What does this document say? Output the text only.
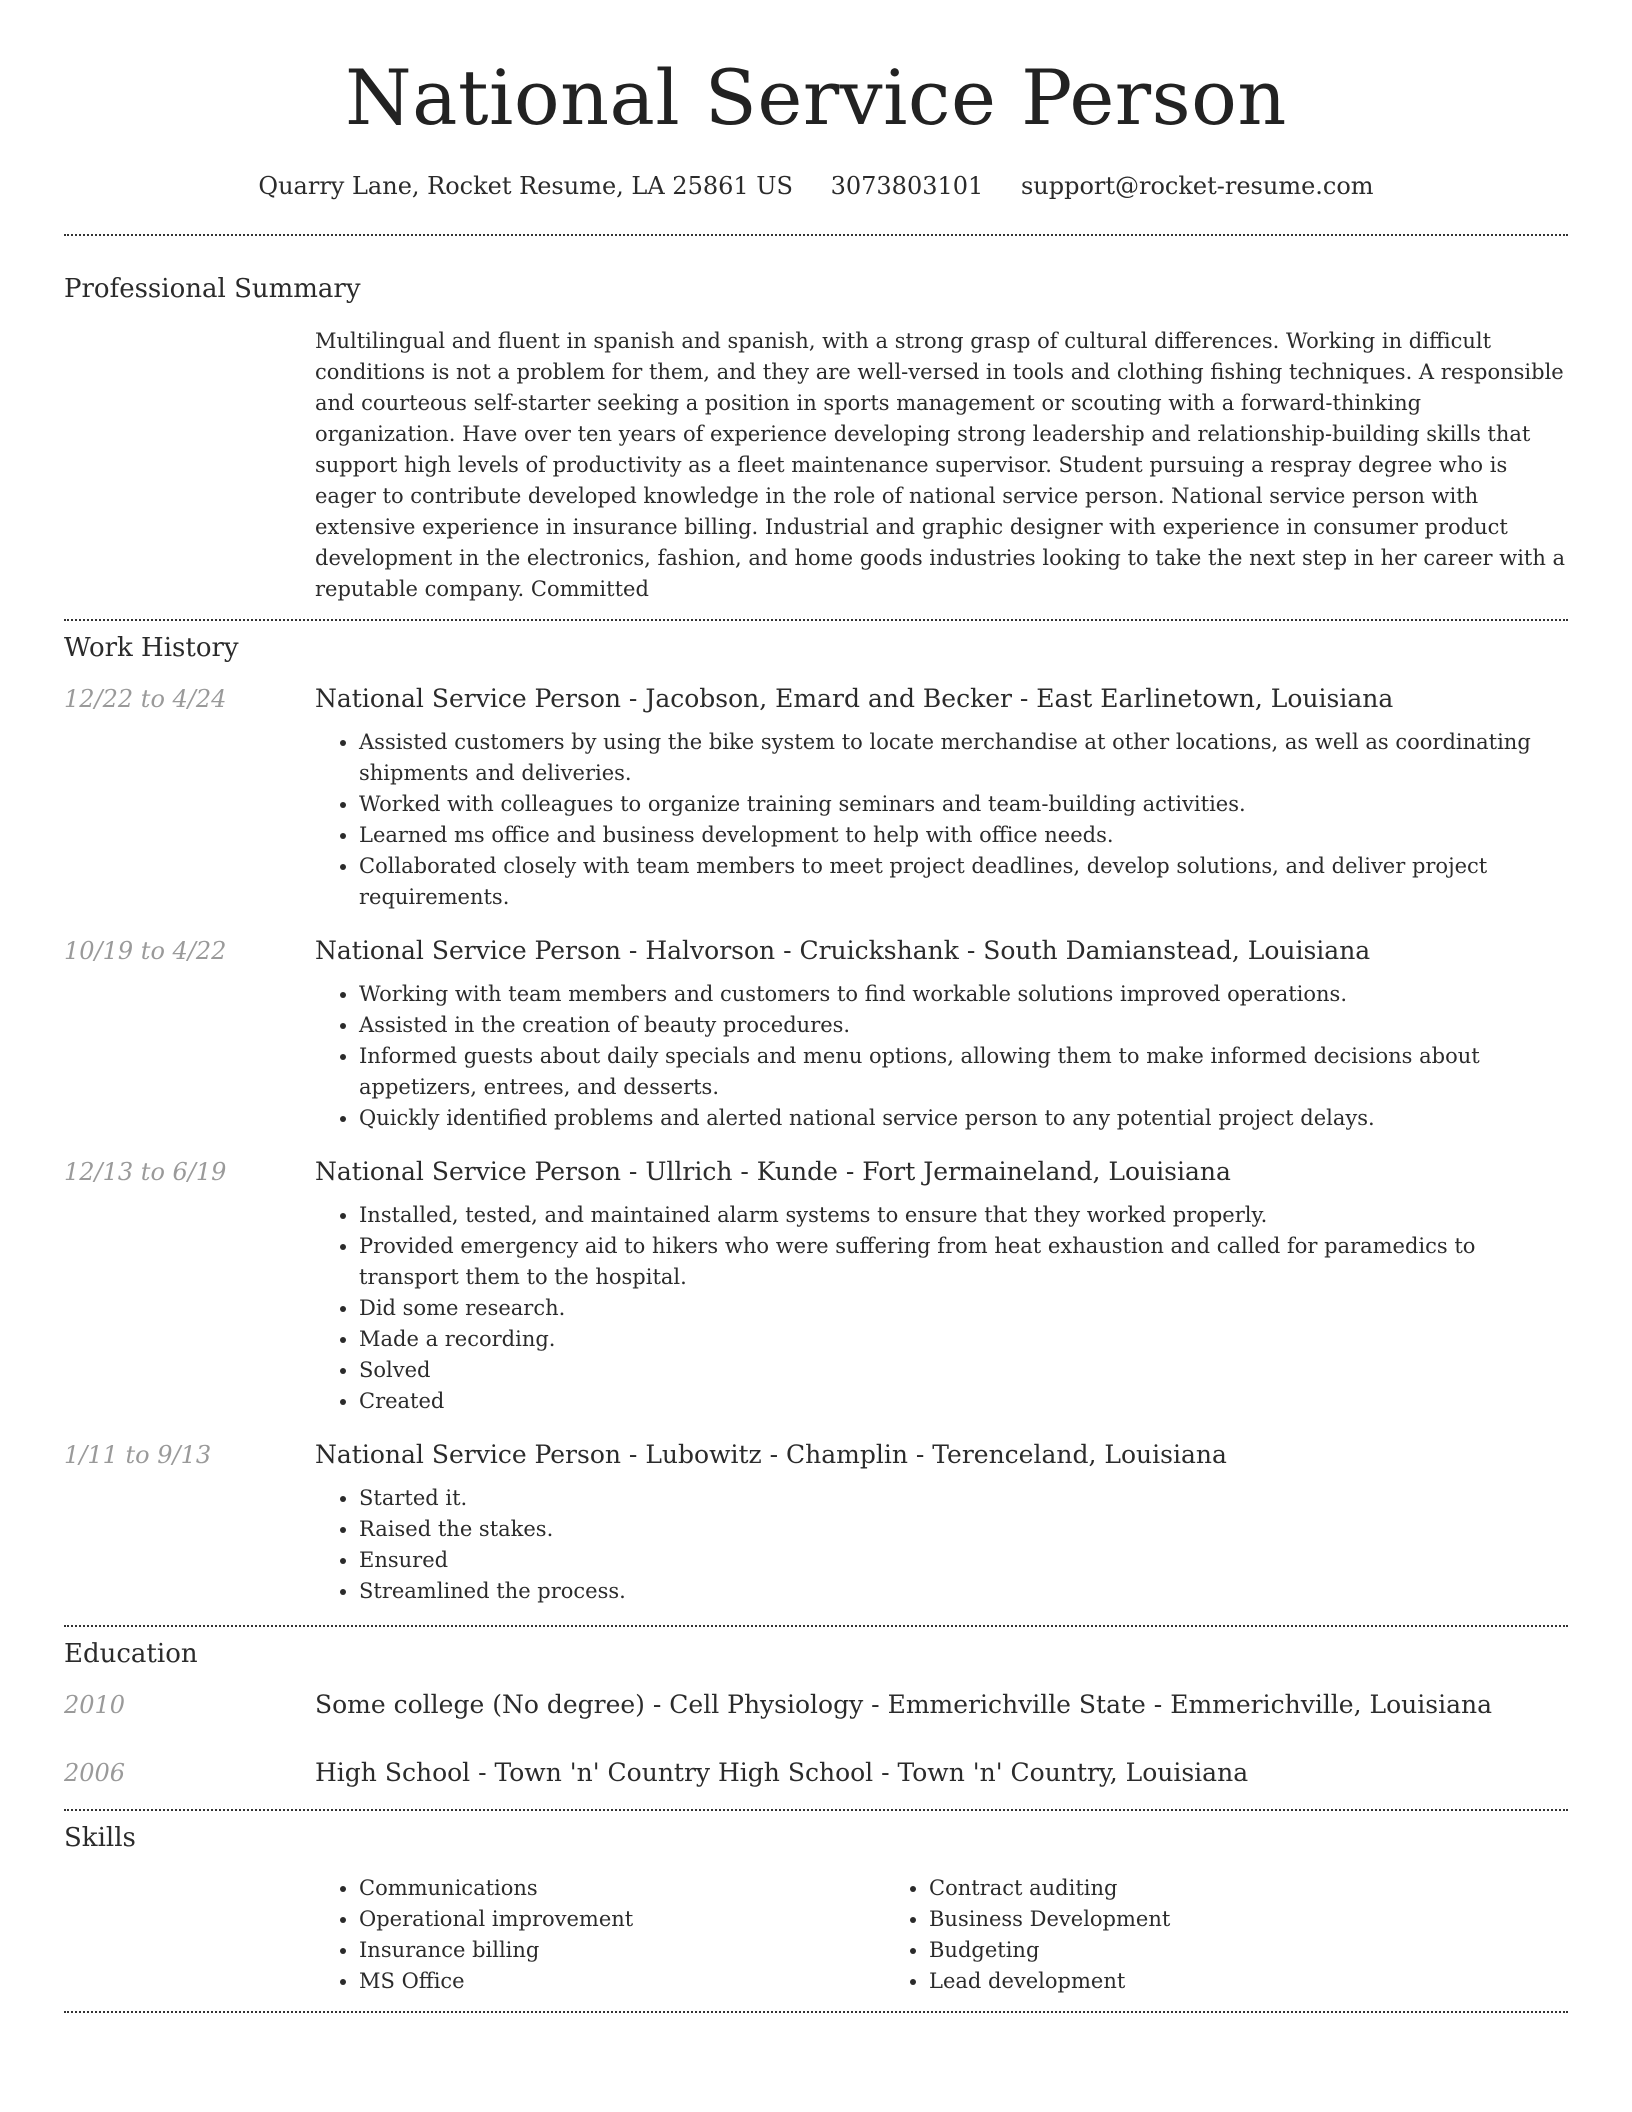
National Service Person
Quarry Lane, Rocket Resume, LA 25861 US 3073803101 support@rocket-resume.com
Professional Summary
Multilingual and fluent in spanish and spanish, with a strong grasp of cultural differences. Working in difficult conditions is not a problem for them, and they are well-versed in tools and clothing fishing techniques. A responsible and courteous self-starter seeking a position in sports management or scouting with a forward-thinking organization. Have over ten years of experience developing strong leadership and relationship-building skills that support high levels of productivity as a fleet maintenance supervisor. Student pursuing a respray degree who is eager to contribute developed knowledge in the role of national service person. National service person with extensive experience in insurance billing. Industrial and graphic designer with experience in consumer product development in the electronics, fashion, and home goods industries looking to take the next step in her career with a reputable company. Committed
Work History
12/22 to 4/24	National Service Person - Jacobson, Emard and Becker - East Earlinetown, Louisiana
• Assisted customers by using the bike system to locate merchandise at other locations, as well as coordinating shipments and deliveries.
• Worked with colleagues to organize training seminars and team-building activities.
• Learned ms office and business development to help with office needs.
• Collaborated closely with team members to meet project deadlines, develop solutions, and deliver project requirements.
10/19 to 4/22	National Service Person - Halvorson - Cruickshank - South Damianstead, Louisiana
• Working with team members and customers to find workable solutions improved operations.
• Assisted in the creation of beauty procedures.
• Informed guests about daily specials and menu options, allowing them to make informed decisions about appetizers, entrees, and desserts.
• Quickly identified problems and alerted national service person to any potential project delays.
12/13 to 6/19	National Service Person - Ullrich - Kunde - Fort Jermaineland, Louisiana
• Installed, tested, and maintained alarm systems to ensure that they worked properly.
• Provided emergency aid to hikers who were suffering from heat exhaustion and called for paramedics to transport them to the hospital.
• Did some research.
• Made a recording.
• Solved
• Created
1/11 to 9/13	National Service Person - Lubowitz - Champlin - Terenceland, Louisiana
• Started it.
• Raised the stakes.
• Ensured
• Streamlined the process.
Education
2010	Some college (No degree) - Cell Physiology - Emmerichville State - Emmerichville, Louisiana
2006	High School - Town 'n' Country High School - Town 'n' Country, Louisiana
Skills
• Communications
• Operational improvement
• Insurance billing
• MS Office
• Contract auditing
• Business Development
• Budgeting
• Lead development
